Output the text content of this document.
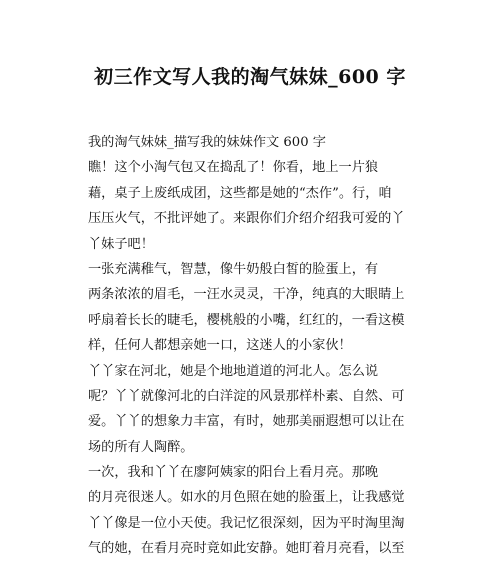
初三作文写人我的淘气妹妹_600 字
我的淘气妹妹_描写我的妹妹作文 600 字
瞧！这个小淘气包又在捣乱了！你看，地上一片狼
藉，桌子上废纸成团，这些都是她的“杰作”。行，咱
压压火气，不批评她了。来跟你们介绍介绍我可爱的丫
丫妹子吧！
一张充满稚气，智慧，像牛奶般白皙的脸蛋上，有
两条浓浓的眉毛，一汪水灵灵，干净，纯真的大眼睛上
呼扇着长长的睫毛，樱桃般的小嘴，红红的，一看这模
样，任何人都想亲她一口，这迷人的小家伙！
丫丫家在河北，她是个地地道道的河北人。怎么说
呢？丫丫就像河北的白洋淀的风景那样朴素、自然、可
爱。丫丫的想象力丰富，有时，她那美丽遐想可以让在
场的所有人陶醉。
一次，我和丫丫在廖阿姨家的阳台上看月亮。那晚
的月亮很迷人。如水的月色照在她的脸蛋上，让我感觉
丫丫像是一位小天使。我记忆很深刻，因为平时淘里淘
气的她，在看月亮时竟如此安静。她盯着月亮看，以至
